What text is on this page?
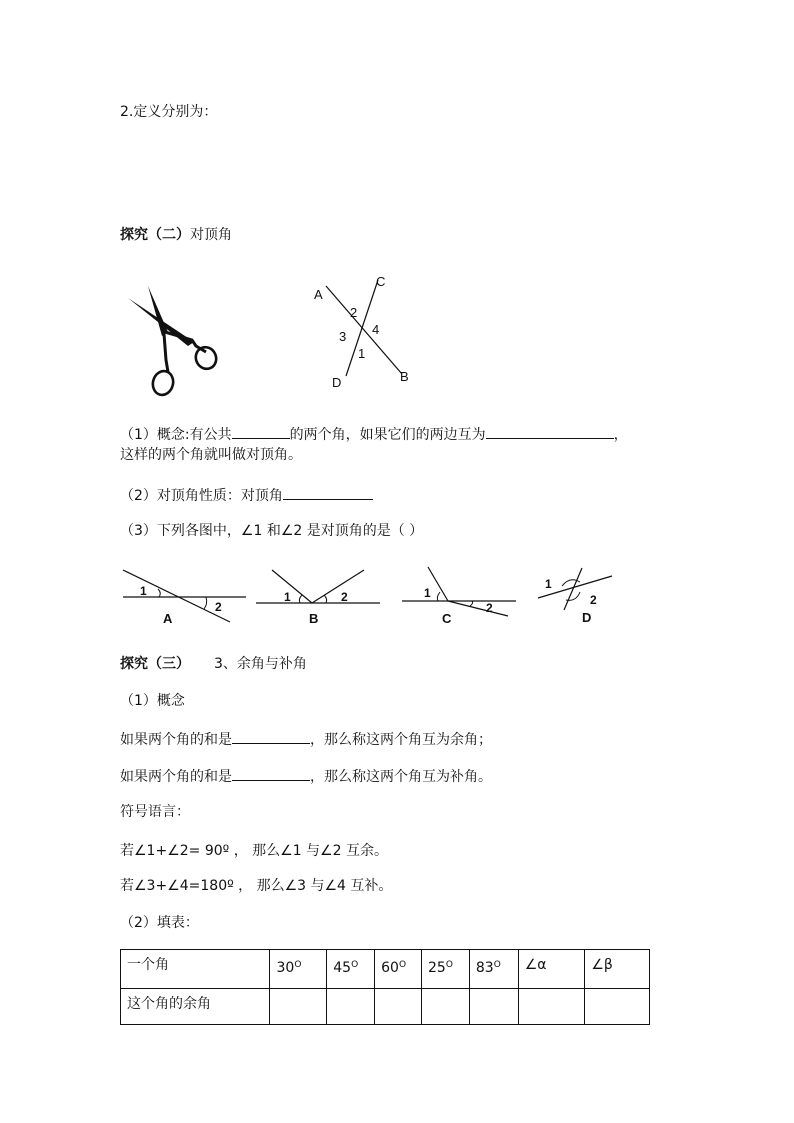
2.定义分别为：
探究（二）对顶角
A
C
2
3 4
1
D	B
（1）概念:有公共	的两个角，如果它们的两边互为	，
这样的两个角就叫做对顶角。
（2）对顶角性质：对顶角
（3）下列各图中，∠1 和∠2 是对顶角的是（ ）
1
2
A
1	2
B
1
2
C
1
2
D
探究（三） 3、余角与补角
（1）概念
如果两个角的和是	，那么称这两个角互为余角；
如果两个角的和是	，那么称这两个角互为补角。
符号语言：
若∠1+∠2= 90º ， 那么∠1 与∠2 互余。
若∠3+∠4=180º ， 那么∠3 与∠4 互补。
（2）填表：
一个角	$30^O$	$45^O$	$60^O$	$25^O$	$83^O$	∠α	∠β
这个角的余角							
